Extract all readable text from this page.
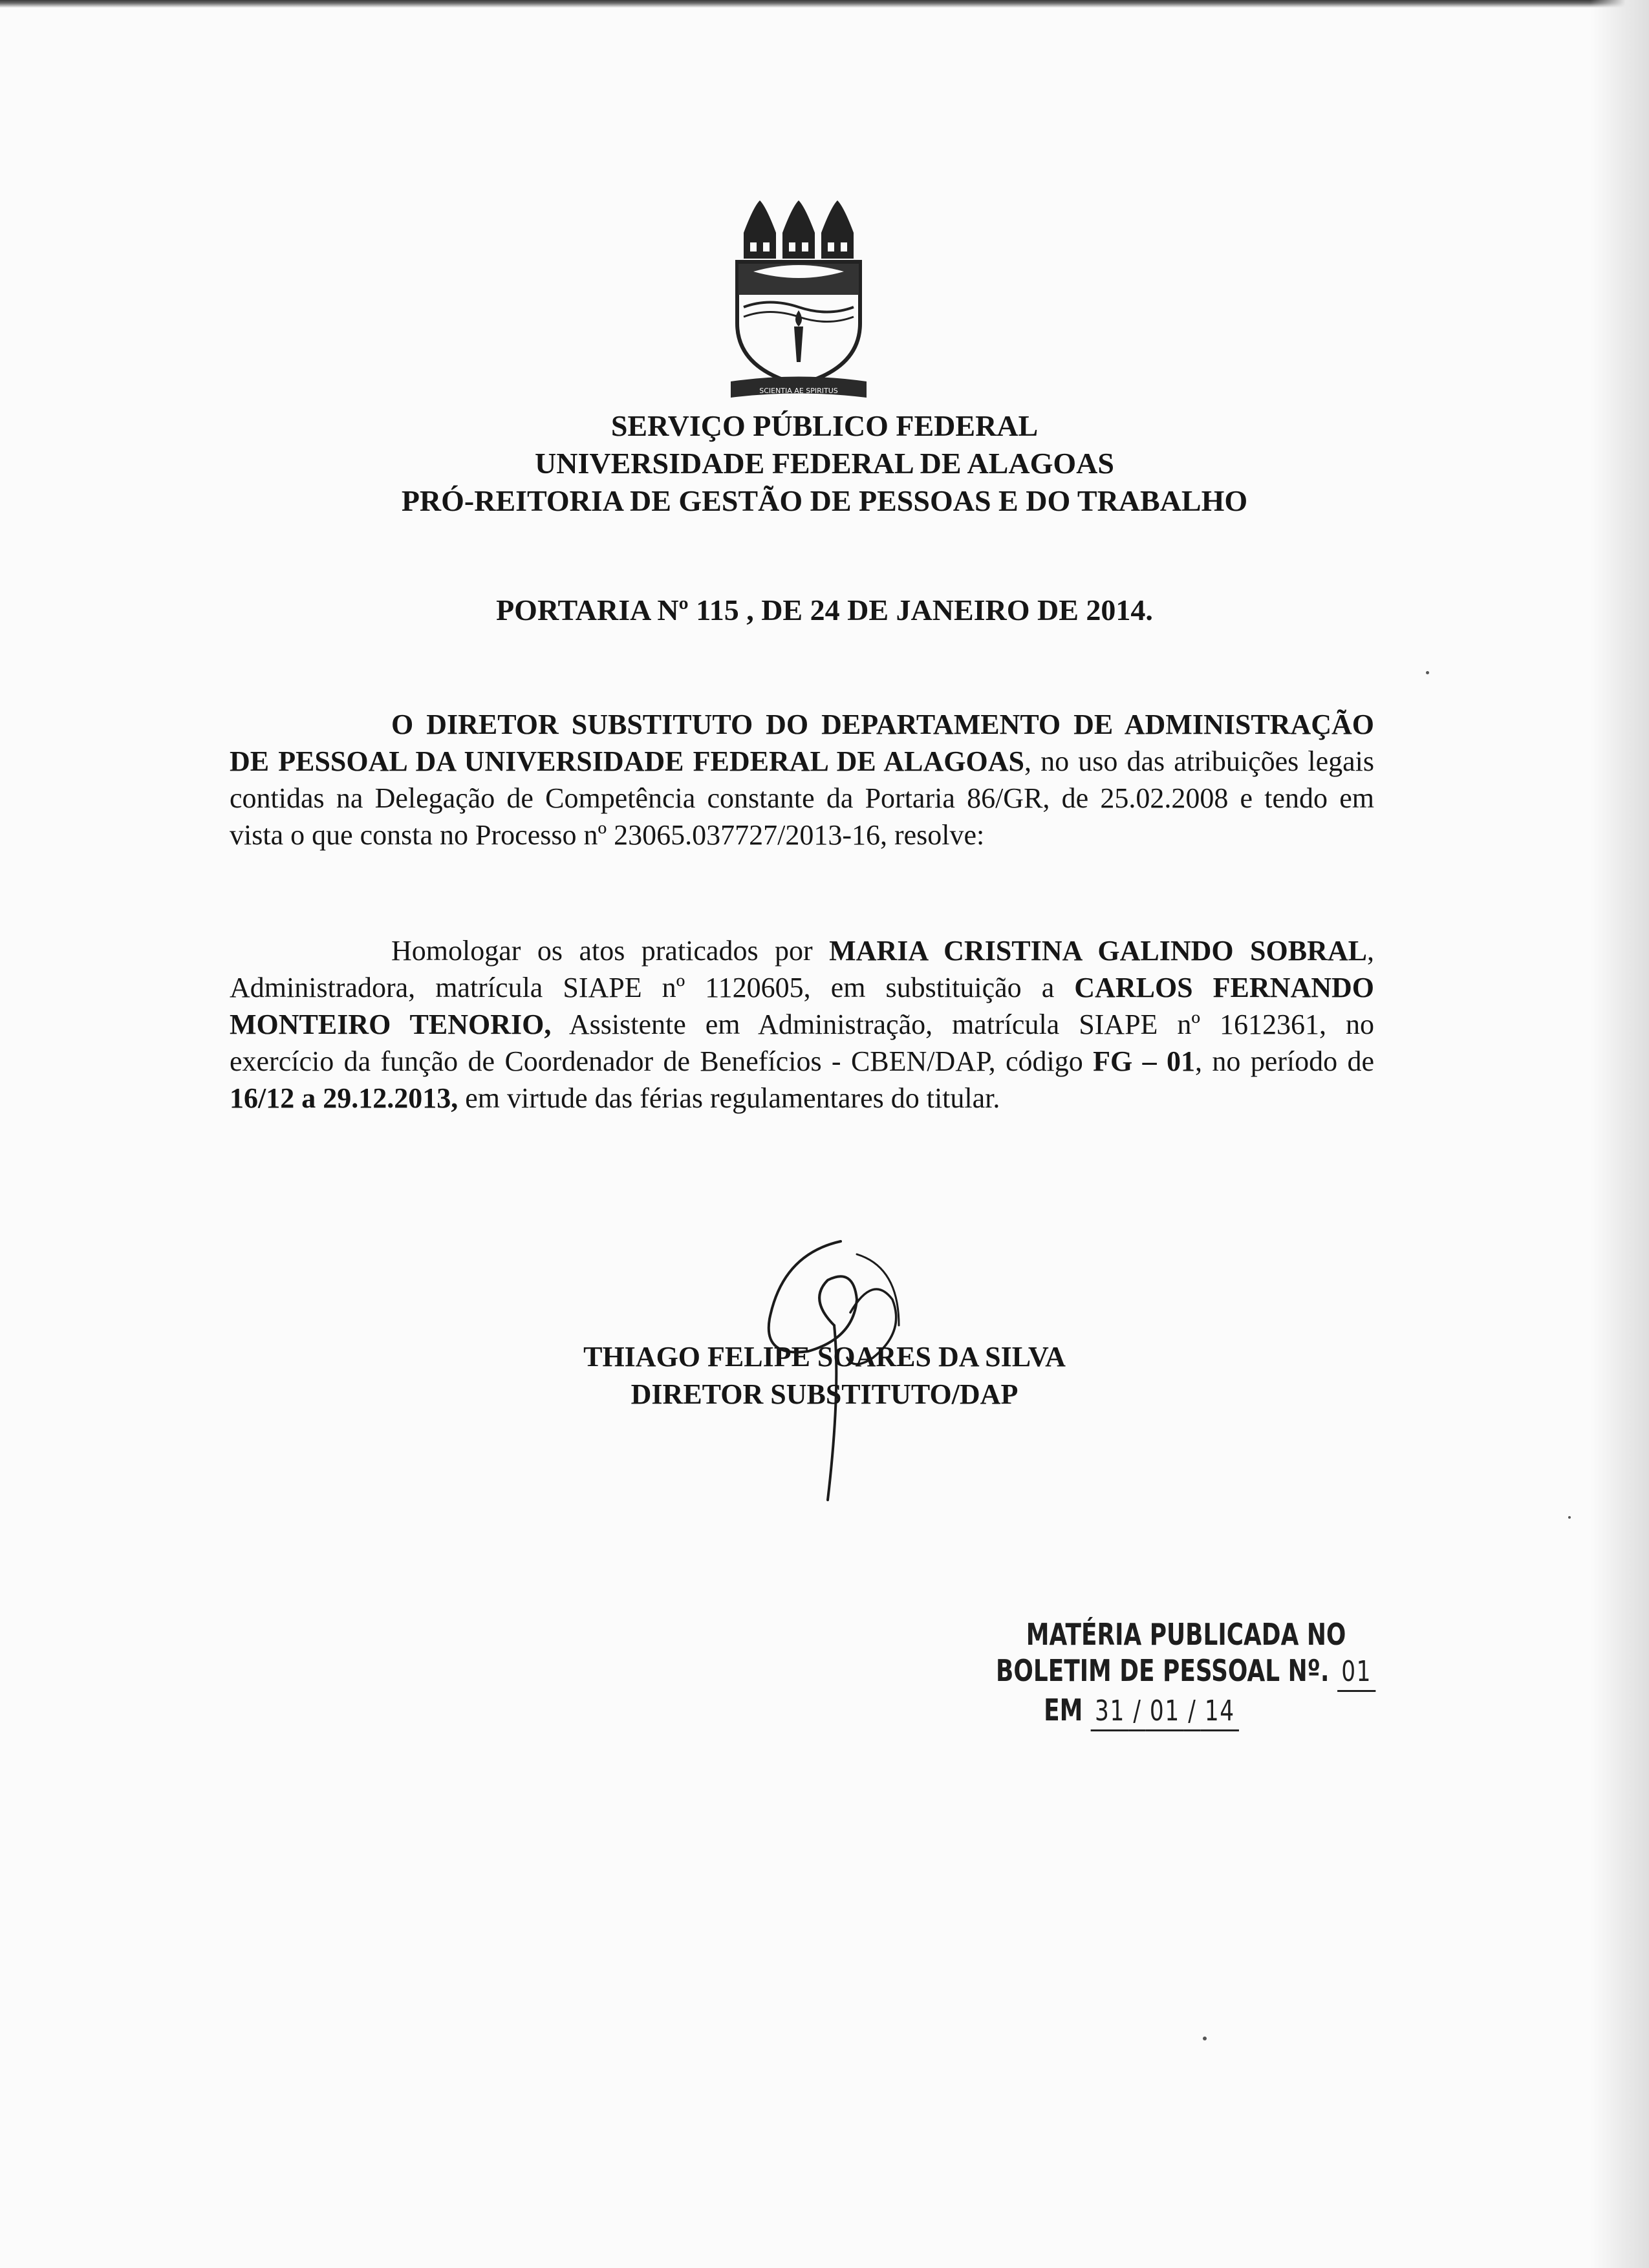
SCIENTIA AE SPIRITUS
SERVIÇO PÚBLICO FEDERAL
UNIVERSIDADE FEDERAL DE ALAGOAS
PRÓ-REITORIA DE GESTÃO DE PESSOAS E DO TRABALHO
PORTARIA Nº 115 , DE 24 DE JANEIRO DE 2014.

O DIRETOR SUBSTITUTO DO DEPARTAMENTO DE ADMINISTRAÇÃO DE PESSOAL DA UNIVERSIDADE FEDERAL DE ALAGOAS, no uso das atribuições legais contidas na Delegação de Competência constante da Portaria 86/GR, de 25.02.2008 e tendo em vista o que consta no Processo nº 23065.037727/2013-16, resolve:

Homologar os atos praticados por MARIA CRISTINA GALINDO SOBRAL, Administradora, matrícula SIAPE nº 1120605, em substituição a CARLOS FERNANDO MONTEIRO TENORIO, Assistente em Administração, matrícula SIAPE nº 1612361, no exercício da função de Coordenador de Benefícios - CBEN/DAP, código FG – 01, no período de 16/12 a 29.12.2013, em virtude das férias regulamentares do titular.

THIAGO FELIPE SOARES DA SILVA
DIRETOR SUBSTITUTO/DAP
MATÉRIA PUBLICADA NO
BOLETIM DE PESSOAL Nº. 01
EM 31 / 01 / 14
